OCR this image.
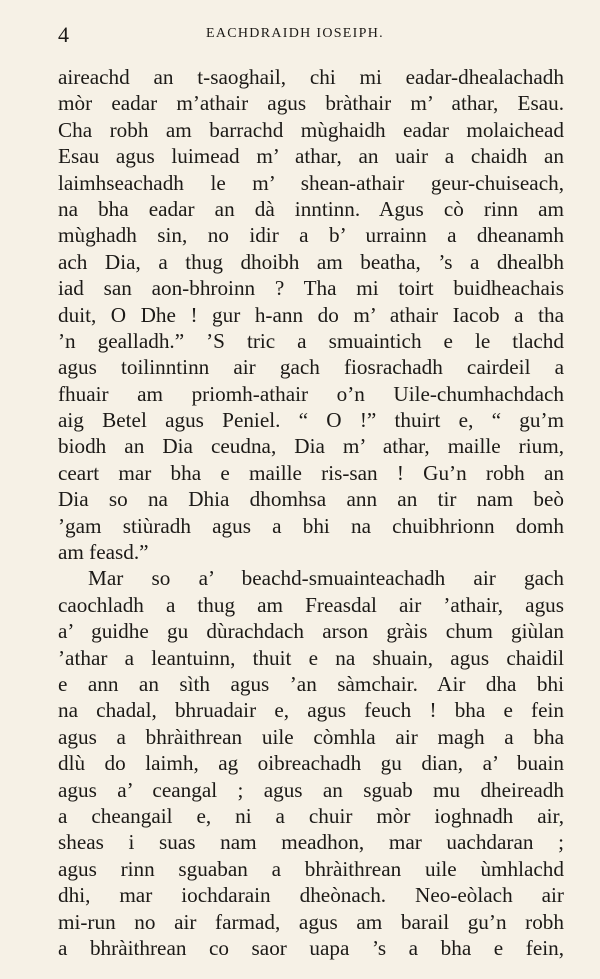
4	EACHDRAIDH IOSEIPH.
aireachd an t-saoghail, chi mi eadar-dhealachadh
mòr eadar m’athair agus bràthair m’ athar, Esau.
Cha robh am barrachd mùghaidh eadar molaichead
Esau agus luimead m’ athar, an uair a chaidh an
laimhseachadh le m’ shean-athair geur-chuiseach,
na bha eadar an dà inntinn. Agus cò rinn am
mùghadh sin, no idir a b’ urrainn a dheanamh
ach Dia, a thug dhoibh am beatha, ’s a dhealbh
iad san aon-bhroinn ? Tha mi toirt buidheachais
duit, O Dhe ! gur h-ann do m’ athair Iacob a tha
’n gealladh.” ’S tric a smuaintich e le tlachd
agus toilinntinn air gach fiosrachadh cairdeil a
fhuair am priomh-athair o’n Uile-chumhachdach
aig Betel agus Peniel. “ O !” thuirt e, “ gu’m
biodh an Dia ceudna, Dia m’ athar, maille rium,
ceart mar bha e maille ris-san ! Gu’n robh an
Dia so na Dhia dhomhsa ann an tir nam beò
’gam stiùradh agus a bhi na chuibhrionn domh
am feasd.”
Mar so a’ beachd-smuainteachadh air gach
caochladh a thug am Freasdal air ’athair, agus
a’ guidhe gu dùrachdach arson gràis chum giùlan
’athar a leantuinn, thuit e na shuain, agus chaidil
e ann an sìth agus ’an sàmchair. Air dha bhi
na chadal, bhruadair e, agus feuch ! bha e fein
agus a bhràithrean uile còmhla air magh a bha
dlù do laimh, ag oibreachadh gu dian, a’ buain
agus a’ ceangal ; agus an sguab mu dheireadh
a cheangail e, ni a chuir mòr ioghnadh air,
sheas i suas nam meadhon, mar uachdaran ;
agus rinn sguaban a bhràithrean uile ùmhlachd
dhi, mar iochdarain dheònach. Neo-eòlach air
mi-run no air farmad, agus am barail gu’n robh
a bhràithrean co saor uapa ’s a bha e fein,
